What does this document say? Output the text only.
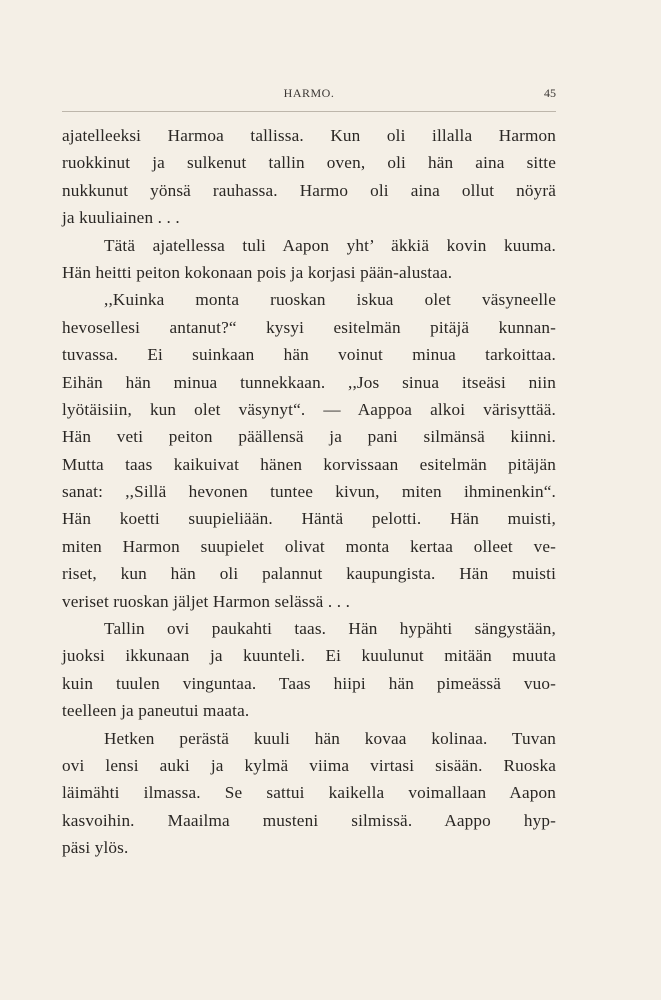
HARMO.	45
ajatelleeksi Harmoa tallissa. Kun oli illalla Harmon
ruokkinut ja sulkenut tallin oven, oli hän aina sitte
nukkunut yönsä rauhassa. Harmo oli aina ollut nöyrä
ja kuuliainen . . .
Tätä ajatellessa tuli Aapon yht’ äkkiä kovin kuuma.
Hän heitti peiton kokonaan pois ja korjasi pään-alustaa.
,,Kuinka monta ruoskan iskua olet väsyneelle
hevosellesi antanut?“ kysyi esitelmän pitäjä kunnan-
tuvassa. Ei suinkaan hän voinut minua tarkoittaa.
Eihän hän minua tunnekkaan. ,,Jos sinua itseäsi niin
lyötäisiin, kun olet väsynyt“. — Aappoa alkoi värisyttää.
Hän veti peiton päällensä ja pani silmänsä kiinni.
Mutta taas kaikuivat hänen korvissaan esitelmän pitäjän
sanat: ,,Sillä hevonen tuntee kivun, miten ihminenkin“.
Hän koetti suupieliään. Häntä pelotti. Hän muisti,
miten Harmon suupielet olivat monta kertaa olleet ve-
riset, kun hän oli palannut kaupungista. Hän muisti
veriset ruoskan jäljet Harmon selässä . . .
Tallin ovi paukahti taas. Hän hypähti sängystään,
juoksi ikkunaan ja kuunteli. Ei kuulunut mitään muuta
kuin tuulen vinguntaa. Taas hiipi hän pimeässä vuo-
teelleen ja paneutui maata.
Hetken perästä kuuli hän kovaa kolinaa. Tuvan
ovi lensi auki ja kylmä viima virtasi sisään. Ruoska
läimähti ilmassa. Se sattui kaikella voimallaan Aapon
kasvoihin. Maailma musteni silmissä. Aappo hyp-
päsi ylös.
